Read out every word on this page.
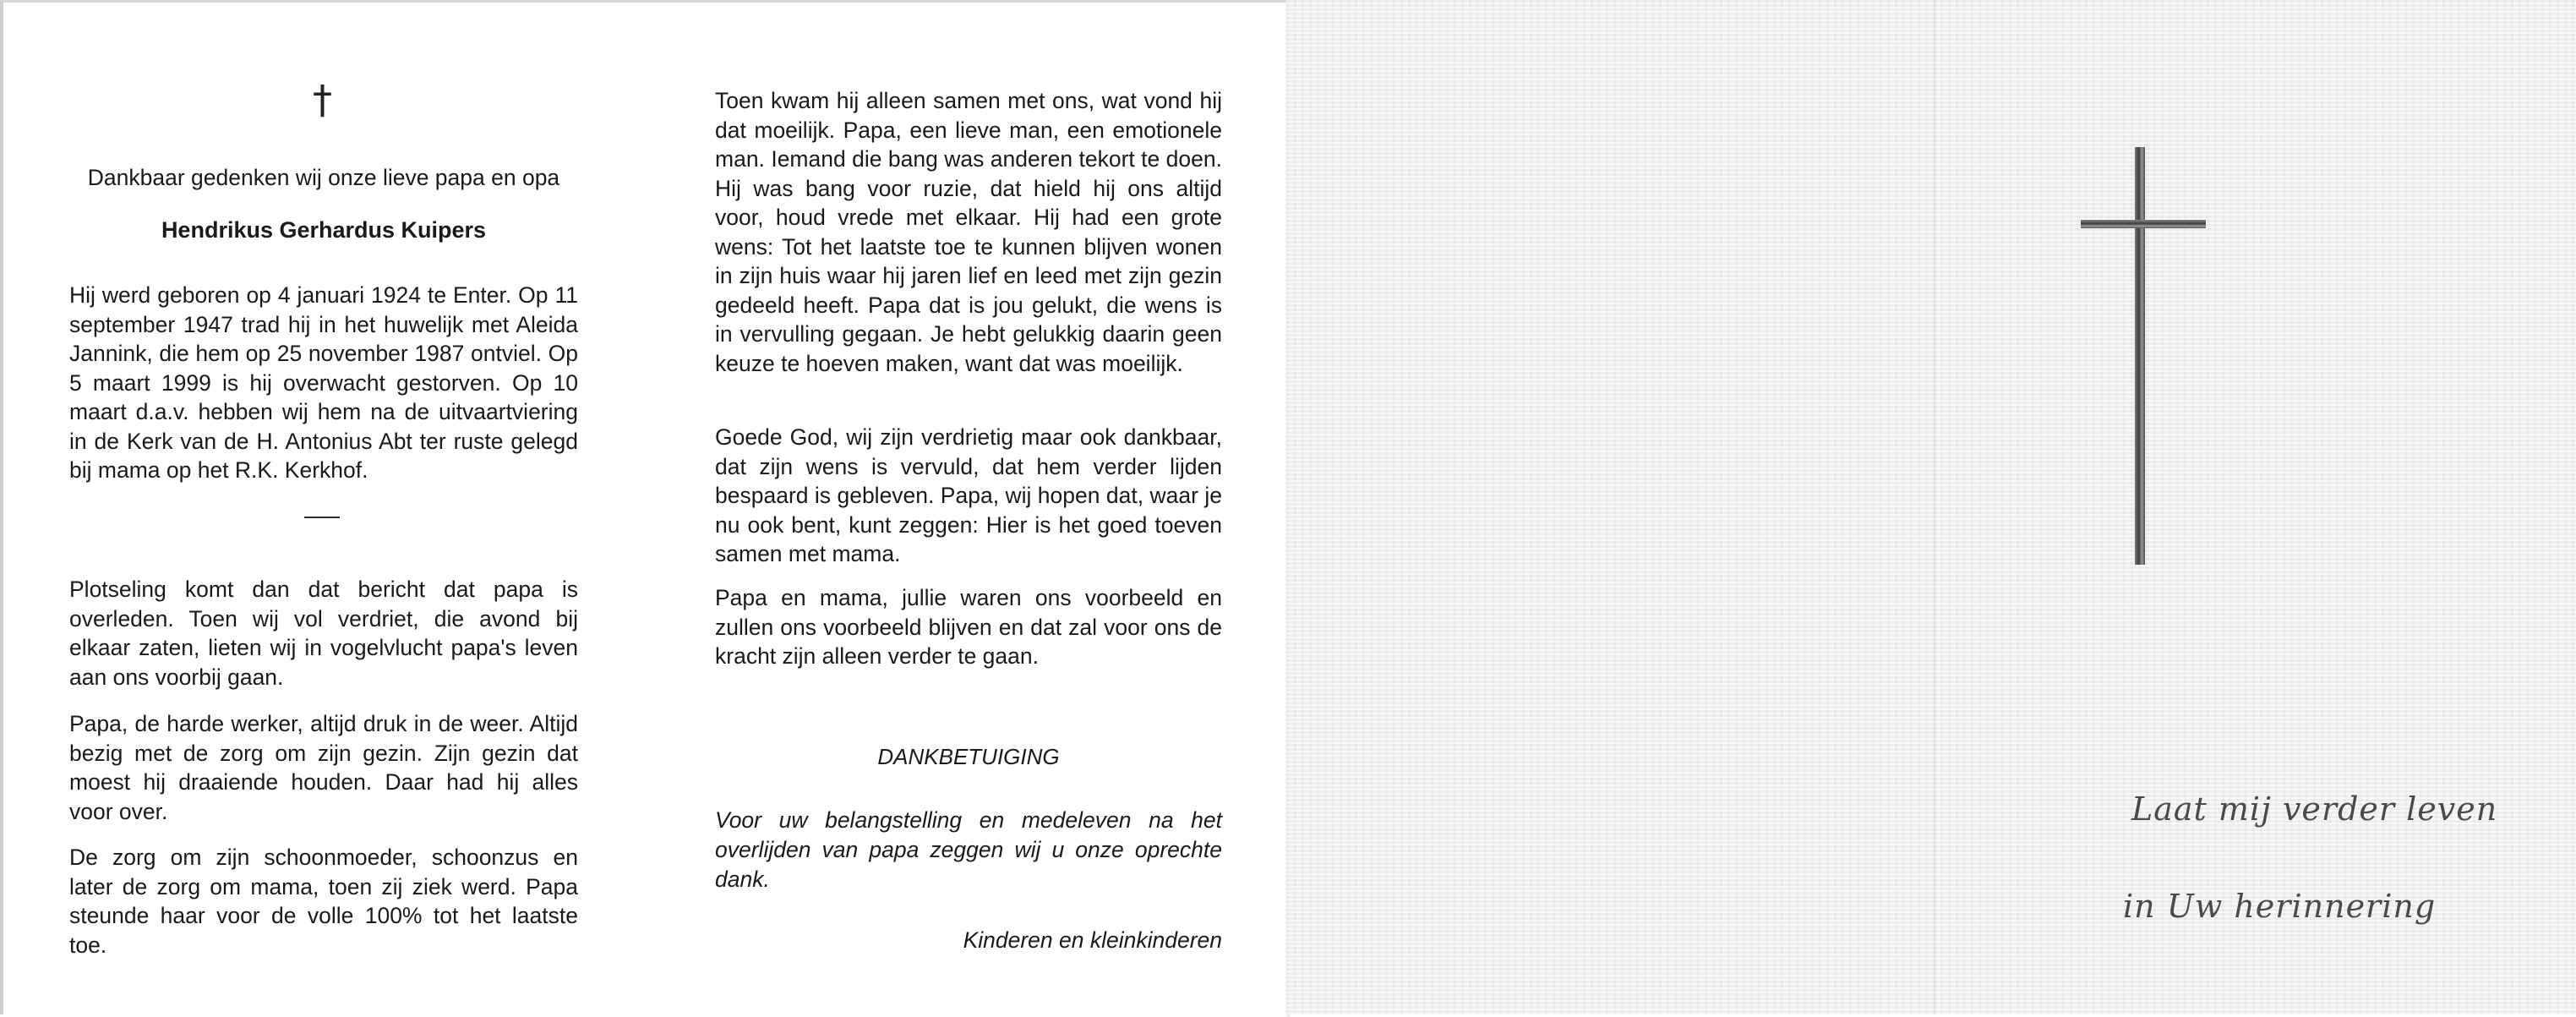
†
Dankbaar gedenken wij onze lieve papa en opa
Hendrikus Gerhardus Kuipers

Hij werd geboren op 4 januari 1924 te Enter. Op 11 september 1947 trad hij in het huwelijk met Aleida Jannink, die hem op 25 november 1987 ontviel. Op 5 maart 1999 is hij overwacht gestorven. Op 10 maart d.a.v. hebben wij hem na de uitvaartviering in de Kerk van de H. Antonius Abt ter ruste gelegd bij mama op het R.K. Kerkhof.

Plotseling komt dan dat bericht dat papa is overleden. Toen wij vol verdriet, die avond bij elkaar zaten, lieten wij in vogelvlucht papa's leven aan ons voorbij gaan.

Papa, de harde werker, altijd druk in de weer. Altijd bezig met de zorg om zijn gezin. Zijn gezin dat moest hij draaiende houden. Daar had hij alles voor over.

De zorg om zijn schoonmoeder, schoonzus en later de zorg om mama, toen zij ziek werd. Papa steunde haar voor de volle 100% tot het laatste toe.

Toen kwam hij alleen samen met ons, wat vond hij dat moeilijk. Papa, een lieve man, een emotionele man. Iemand die bang was anderen tekort te doen. Hij was bang voor ruzie, dat hield hij ons altijd voor, houd vrede met elkaar. Hij had een grote wens: Tot het laatste toe te kunnen blijven wonen in zijn huis waar hij jaren lief en leed met zijn gezin gedeeld heeft. Papa dat is jou gelukt, die wens is in vervulling gegaan. Je hebt gelukkig daarin geen keuze te hoeven maken, want dat was moeilijk.

Goede God, wij zijn verdrietig maar ook dankbaar, dat zijn wens is vervuld, dat hem verder lijden bespaard is gebleven. Papa, wij hopen dat, waar je nu ook bent, kunt zeggen: Hier is het goed toeven samen met mama.

Papa en mama, jullie waren ons voorbeeld en zullen ons voorbeeld blijven en dat zal voor ons de kracht zijn alleen verder te gaan.

DANKBETUIGING
Voor uw belangstelling en medeleven na het overlijden van papa zeggen wij u onze oprechte dank.
Kinderen en kleinkinderen
Laat mij verder leven
in Uw herinnering
